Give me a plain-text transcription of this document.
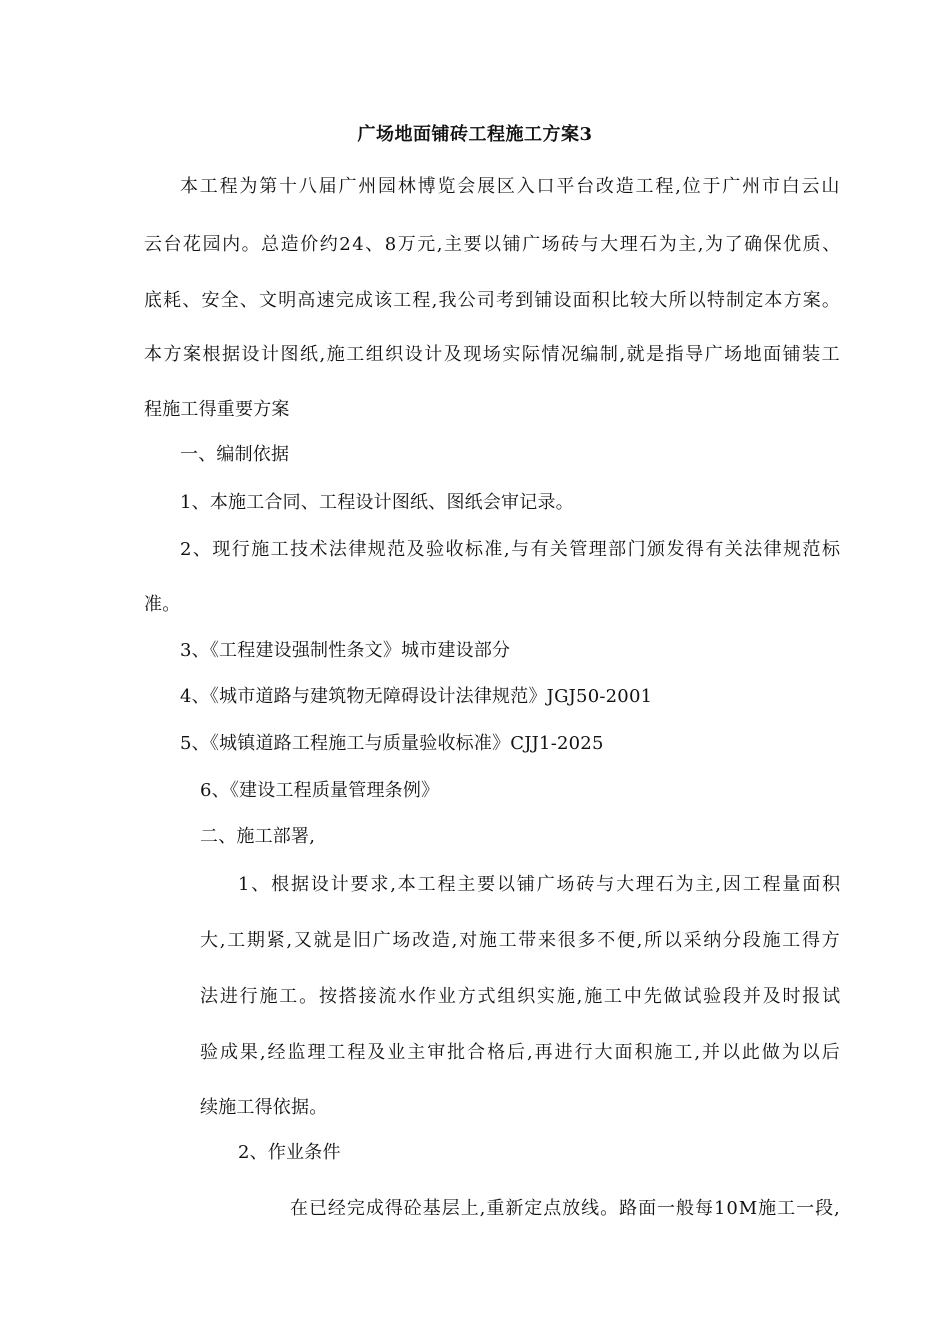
广场地面铺砖工程施工方案3
本工程为第十八届广州园林博览会展区入口平台改造工程,位于广州市白云山
云台花园内。总造价约24、8万元,主要以铺广场砖与大理石为主,为了确保优质、
底耗、安全、文明高速完成该工程,我公司考到铺设面积比较大所以特制定本方案。
本方案根据设计图纸,施工组织设计及现场实际情况编制,就是指导广场地面铺装工
程施工得重要方案
一、编制依据
1、本施工合同、工程设计图纸、图纸会审记录。
2、现行施工技术法律规范及验收标准,与有关管理部门颁发得有关法律规范标
准。
3、《工程建设强制性条文》城市建设部分
4、《城市道路与建筑物无障碍设计法律规范》JGJ50-2001
5、《城镇道路工程施工与质量验收标准》CJJ1-2025
6、《建设工程质量管理条例》
二、施工部署,
1、根据设计要求,本工程主要以铺广场砖与大理石为主,因工程量面积
大,工期紧,又就是旧广场改造,对施工带来很多不便,所以采纳分段施工得方
法进行施工。按搭接流水作业方式组织实施,施工中先做试验段并及时报试
验成果,经监理工程及业主审批合格后,再进行大面积施工,并以此做为以后
续施工得依据。
2、作业条件
在已经完成得砼基层上,重新定点放线。路面一般每10M施工一段,
